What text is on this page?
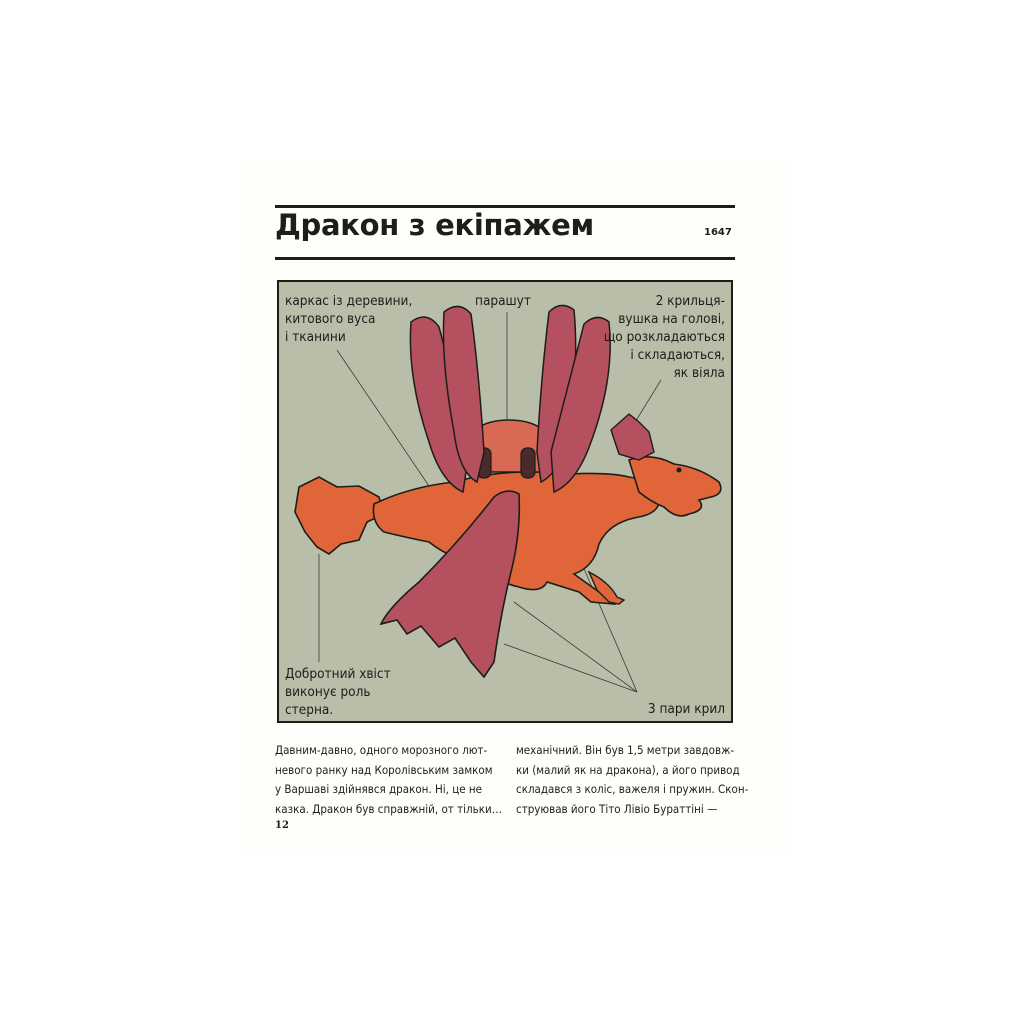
Дракон з екіпажем	1647
каркас із деревини,
китового вуса
і тканини
парашут	2 крильця-
вушка на голові,
що розкладаються
і складаються,
як віяла
Добротний хвіст
виконує роль
стерна.	3 пари крил
Давним-давно, одного морозного лют-
невого ранку над Королівським замком
у Варшаві здійнявся дракон. Ні, це не
казка. Дракон був справжній, от тільки…
механічний. Він був 1,5 метри завдовж-
ки (малий як на дракона), а його привод
складався з коліс, важеля і пружин. Скон-
струював його Тіто Лівіо Бураттіні —
12
